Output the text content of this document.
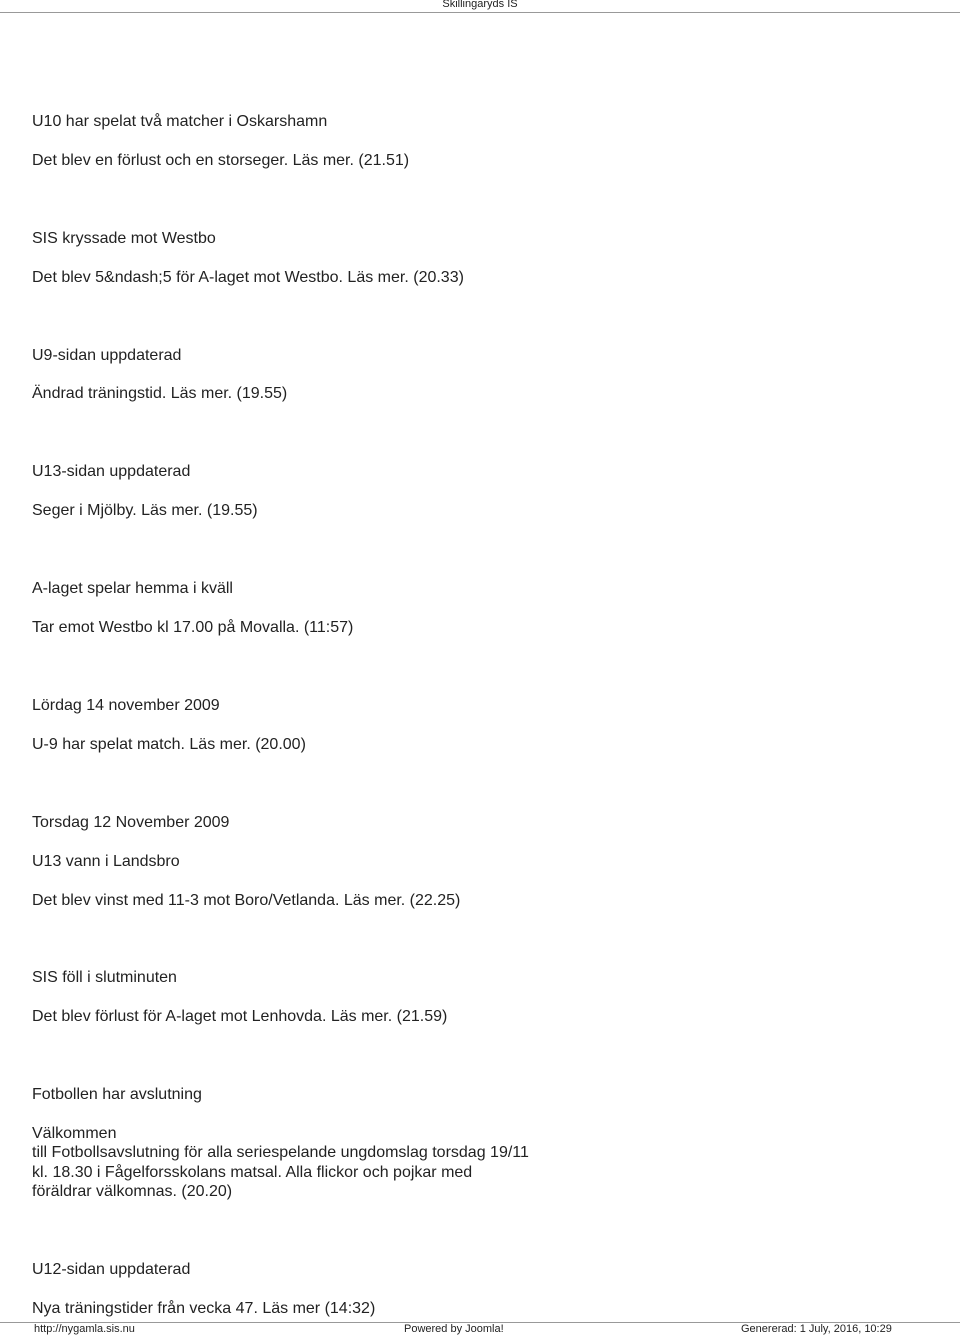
Skillingaryds IS
U10 har spelat två matcher i Oskarshamn
Det blev en förlust och en storseger. Läs mer. (21.51)
SIS kryssade mot Westbo
Det blev 5&ndash;5 för A-laget mot Westbo. Läs mer. (20.33)
U9-sidan uppdaterad
Ändrad träningstid. Läs mer. (19.55)
U13-sidan uppdaterad
Seger i Mjölby. Läs mer. (19.55)
A-laget spelar hemma i kväll
Tar emot Westbo kl 17.00 på Movalla. (11:57)
Lördag 14 november 2009
U-9 har spelat match. Läs mer. (20.00)
Torsdag 12 November 2009
U13 vann i Landsbro
Det blev vinst med 11-3 mot Boro/Vetlanda. Läs mer. (22.25)
SIS föll i slutminuten
Det blev förlust för A-laget mot Lenhovda. Läs mer. (21.59)
Fotbollen har avslutning
Välkommen
till Fotbollsavslutning för alla seriespelande ungdomslag torsdag 19/11
kl. 18.30 i Fågelforsskolans matsal. Alla flickor och pojkar med
föräldrar välkomnas. (20.20)
U12-sidan uppdaterad
Nya träningstider från vecka 47. Läs mer (14:32)
http://nygamla.sis.nu	Powered by Joomla!	Genererad: 1 July, 2016, 10:29
